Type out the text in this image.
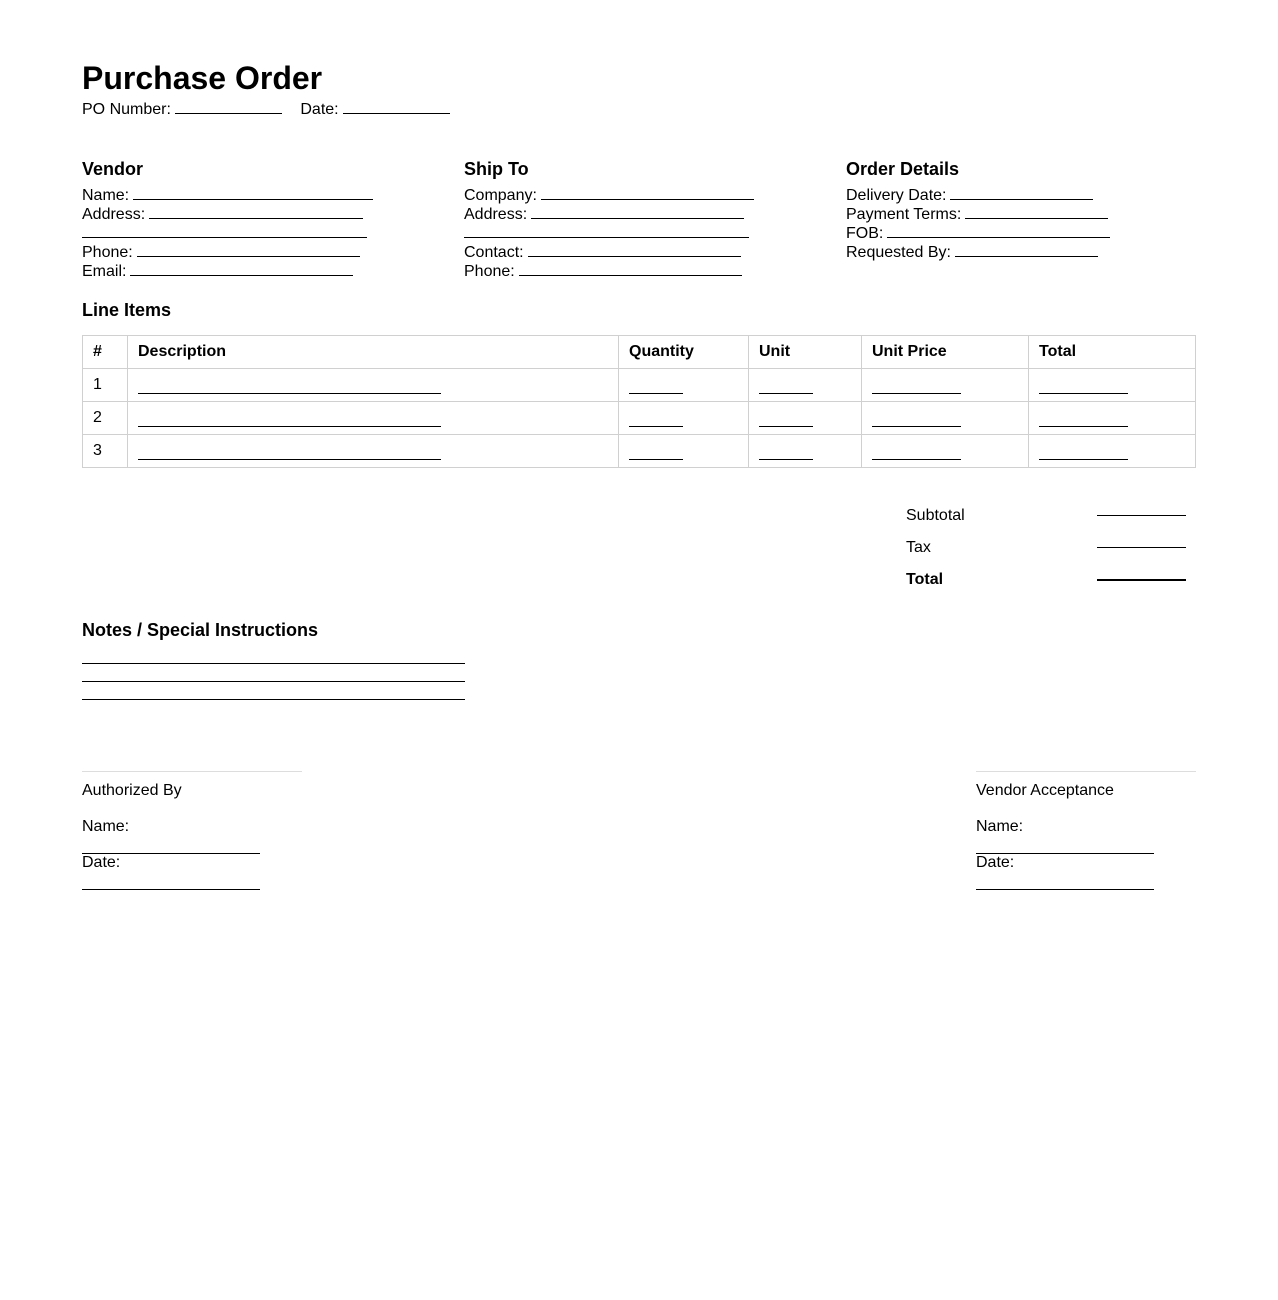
Purchase Order
PO Number:	Date:
Vendor
Name:
Address:
Phone:
Email:
Ship To
Company:
Address:
Contact:
Phone:
Order Details
Delivery Date:
Payment Terms:
FOB:
Requested By:
Line Items
#	Description	Quantity	Unit	Unit Price	Total
1	

2	

3	

Subtotal
Tax
Total
Notes / Special Instructions
Authorized By
Name:
Date:
Vendor Acceptance
Name:
Date:
